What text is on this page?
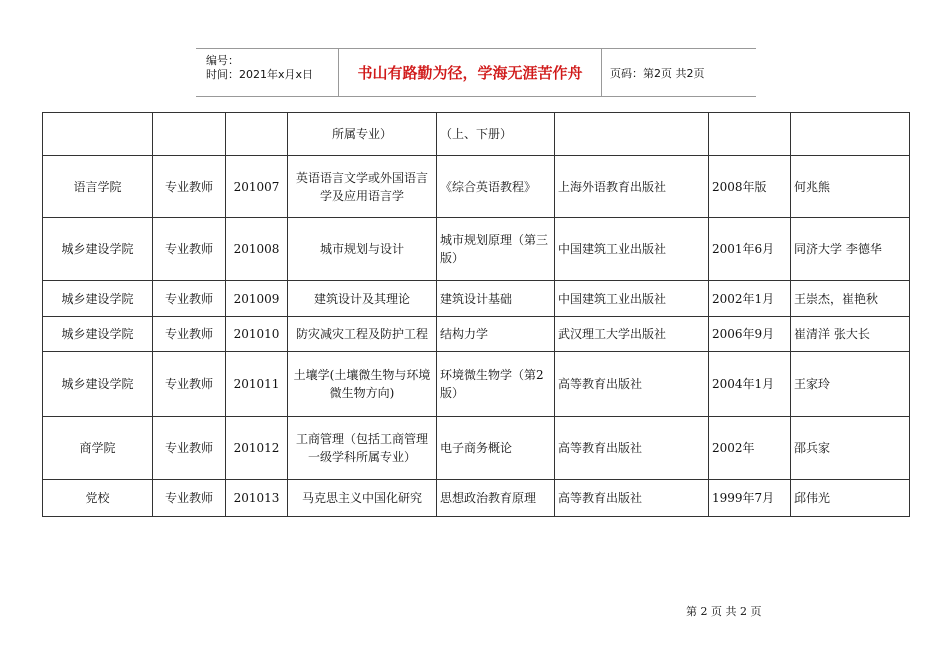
编号：
时间：2021年x月x日	书山有路勤为径，学海无涯苦作舟	页码：第2页 共2页
			所属专业）	（上、下册）			
语言学院	专业教师	201007	英语语言文学或外国语言学及应用语言学	《综合英语教程》	上海外语教育出版社	2008年版	何兆熊
城乡建设学院	专业教师	201008	城市规划与设计	城市规划原理（第三版）	中国建筑工业出版社	2001年6月	同济大学 李德华
城乡建设学院	专业教师	201009	建筑设计及其理论	建筑设计基础	中国建筑工业出版社	2002年1月	王崇杰，崔艳秋
城乡建设学院	专业教师	201010	防灾减灾工程及防护工程	结构力学	武汉理工大学出版社	2006年9月	崔清洋 张大长
城乡建设学院	专业教师	201011	土壤学(土壤微生物与环境微生物方向)	环境微生物学（第2版）	高等教育出版社	2004年1月	王家玲
商学院	专业教师	201012	工商管理（包括工商管理一级学科所属专业）	电子商务概论	高等教育出版社	2002年	邵兵家
党校	专业教师	201013	马克思主义中国化研究	思想政治教育原理	高等教育出版社	1999年7月	邱伟光
第 2 页 共 2 页
